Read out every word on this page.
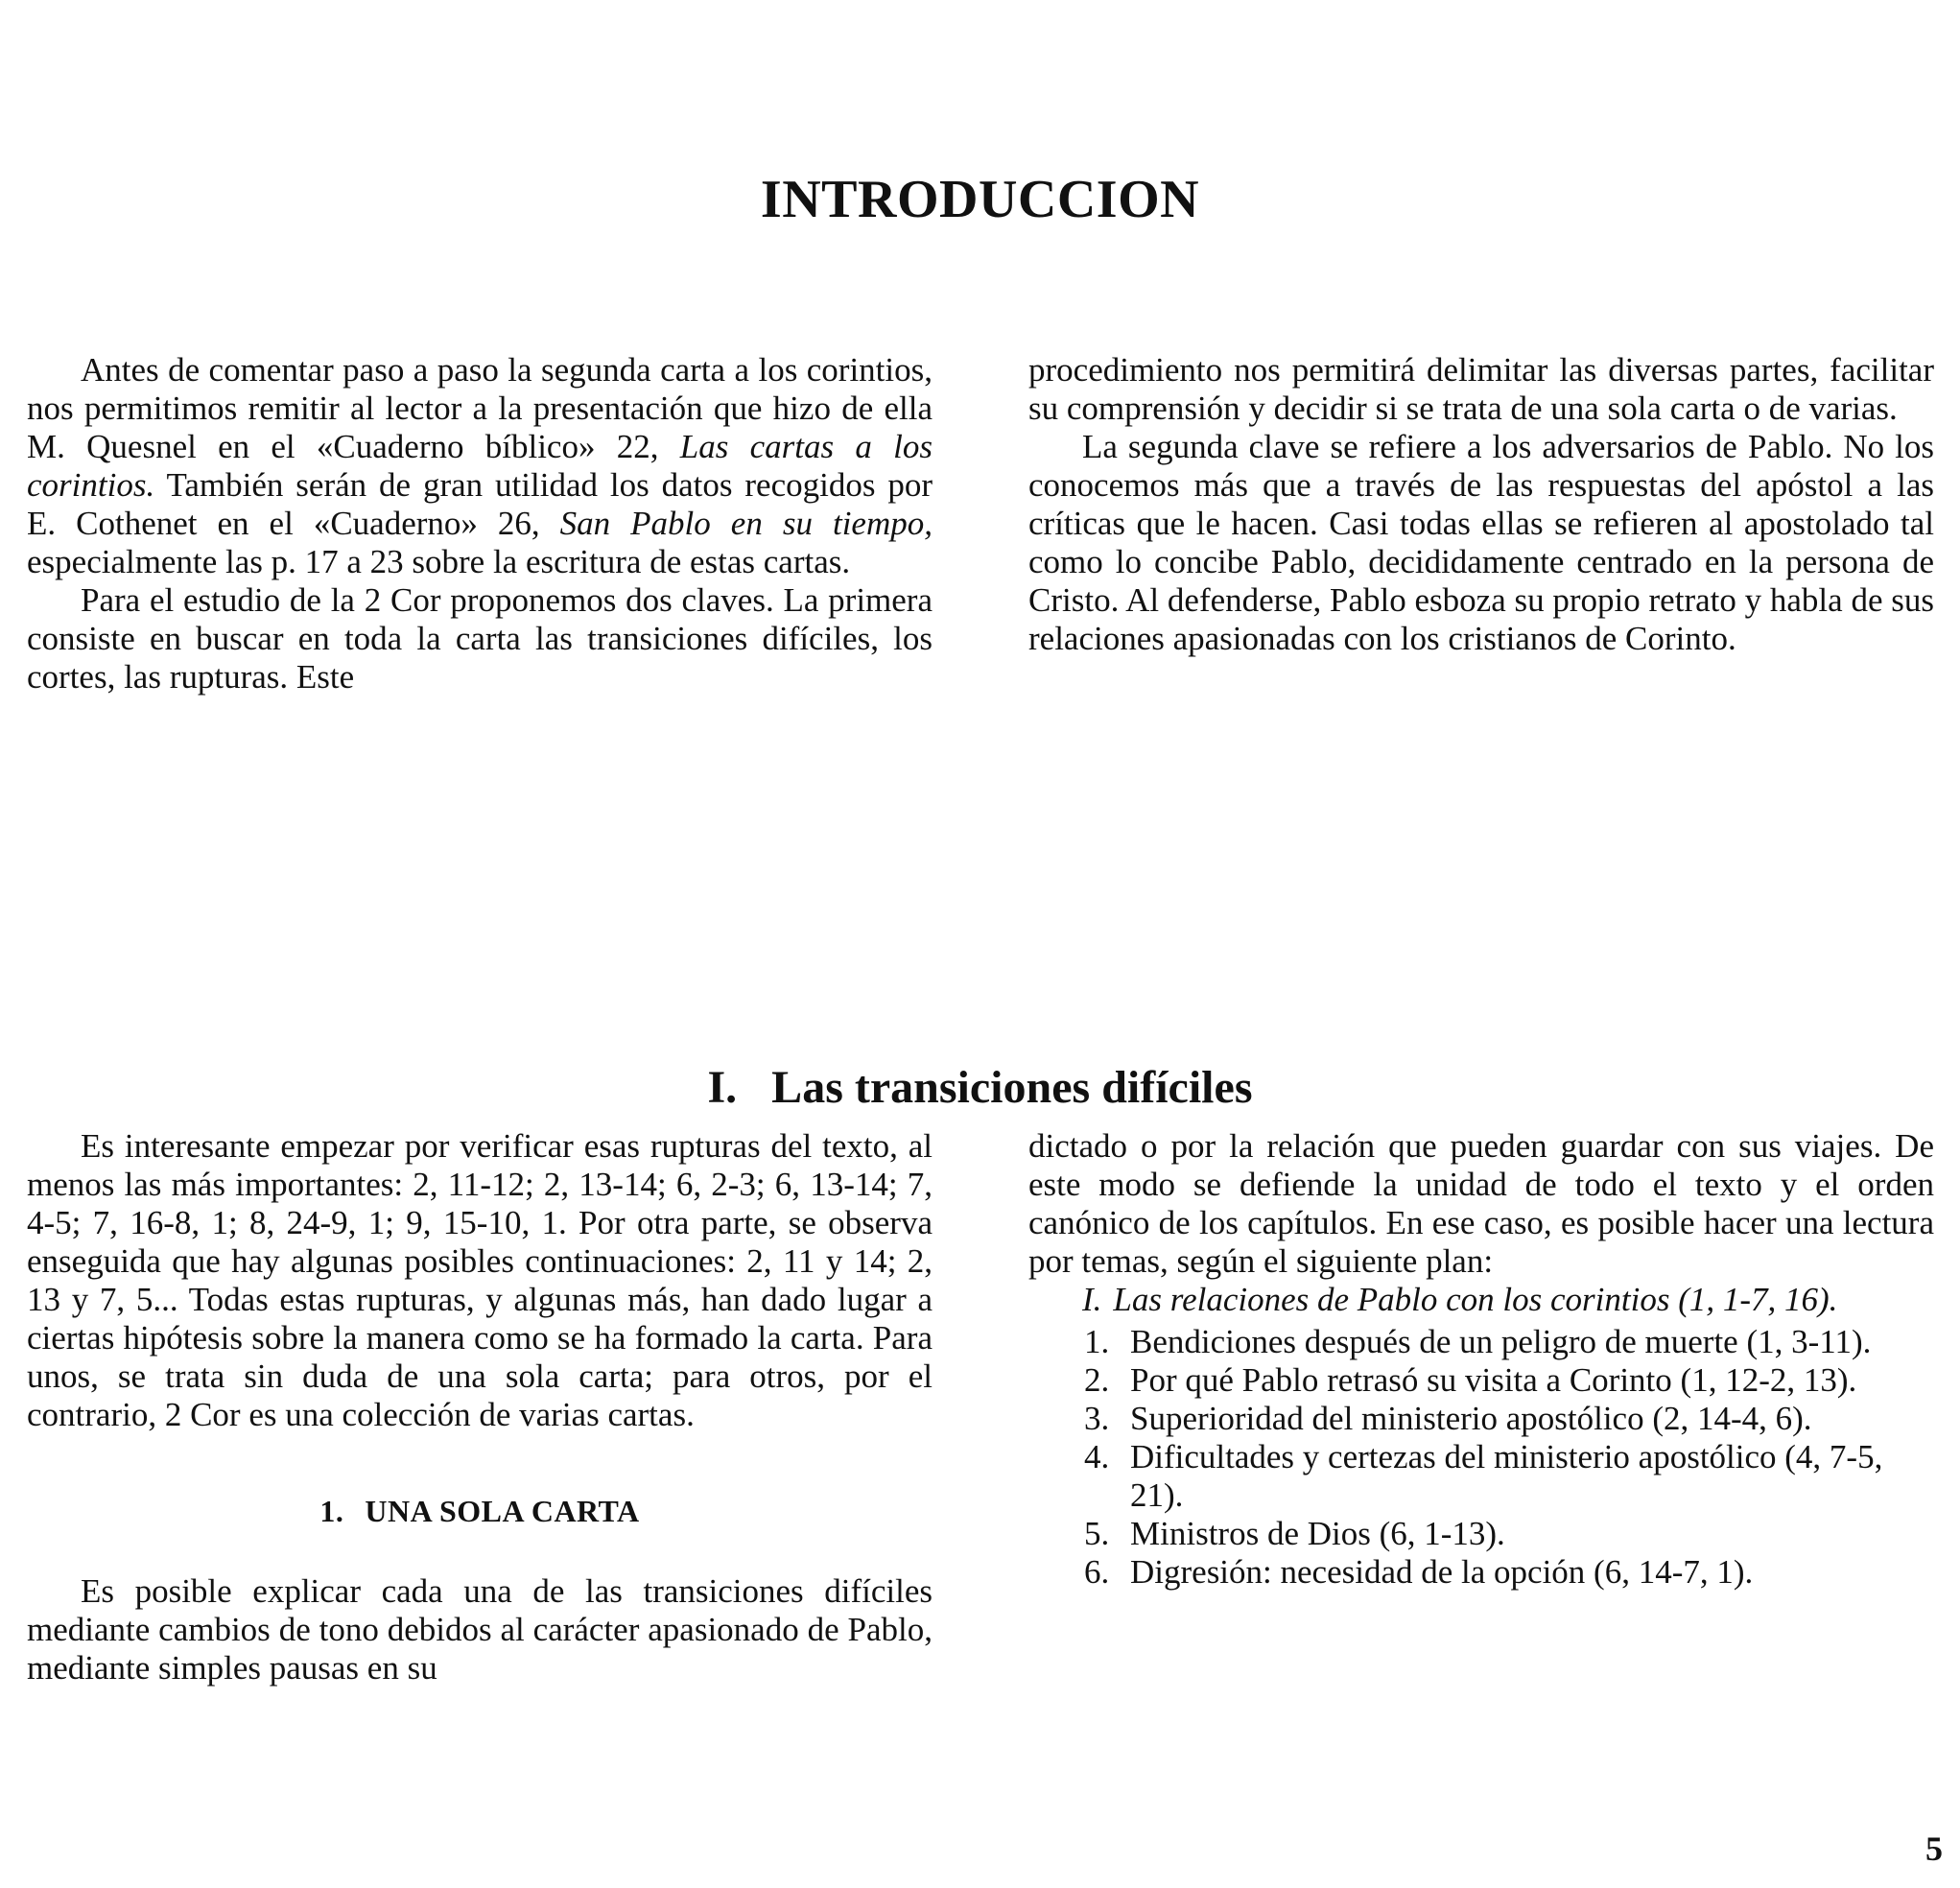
INTRODUCCION

Antes de comentar paso a paso la segunda carta a los corintios, nos permitimos remitir al lector a la presentación que hizo de ella M. Quesnel en el «Cuaderno bíblico» 22, Las cartas a los corintios. También serán de gran utilidad los datos recogidos por E. Cothenet en el «Cuaderno» 26, San Pablo en su tiempo, especialmente las p. 17 a 23 sobre la escritura de estas cartas.

Para el estudio de la 2 Cor proponemos dos claves. La primera consiste en buscar en toda la carta las transiciones difíciles, los cortes, las rupturas. Este

procedimiento nos permitirá delimitar las diversas partes, facilitar su comprensión y decidir si se trata de una sola carta o de varias.

La segunda clave se refiere a los adversarios de Pablo. No los conocemos más que a través de las respuestas del apóstol a las críticas que le hacen. Casi todas ellas se refieren al apostolado tal como lo concibe Pablo, decididamente centrado en la persona de Cristo. Al defenderse, Pablo esboza su propio retrato y habla de sus relaciones apasionadas con los cristianos de Corinto.

I. Las transiciones difíciles

Es interesante empezar por verificar esas rupturas del texto, al menos las más importantes: 2, 11-12; 2, 13-14; 6, 2-3; 6, 13-14; 7, 4-5; 7, 16-8, 1; 8, 24-9, 1; 9, 15-10, 1. Por otra parte, se observa enseguida que hay algunas posibles continuaciones: 2, 11 y 14; 2, 13 y 7, 5... Todas estas rupturas, y algunas más, han dado lugar a ciertas hipótesis sobre la manera como se ha formado la carta. Para unos, se trata sin duda de una sola carta; para otros, por el contrario, 2 Cor es una colección de varias cartas.

1. UNA SOLA CARTA

Es posible explicar cada una de las transiciones difíciles mediante cambios de tono debidos al carácter apasionado de Pablo, mediante simples pausas en su

dictado o por la relación que pueden guardar con sus viajes. De este modo se defiende la unidad de todo el texto y el orden canónico de los capítulos. En ese caso, es posible hacer una lectura por temas, según el siguiente plan:

I. Las relaciones de Pablo con los corintios (1, 1-7, 16).

1. Bendiciones después de un peligro de muerte (1, 3-11).
2. Por qué Pablo retrasó su visita a Corinto (1, 12-2, 13).
3. Superioridad del ministerio apostólico (2, 14-4, 6).
4. Dificultades y certezas del ministerio apostólico (4, 7-5, 21).
5. Ministros de Dios (6, 1-13).
6. Digresión: necesidad de la opción (6, 14-7, 1).
5
